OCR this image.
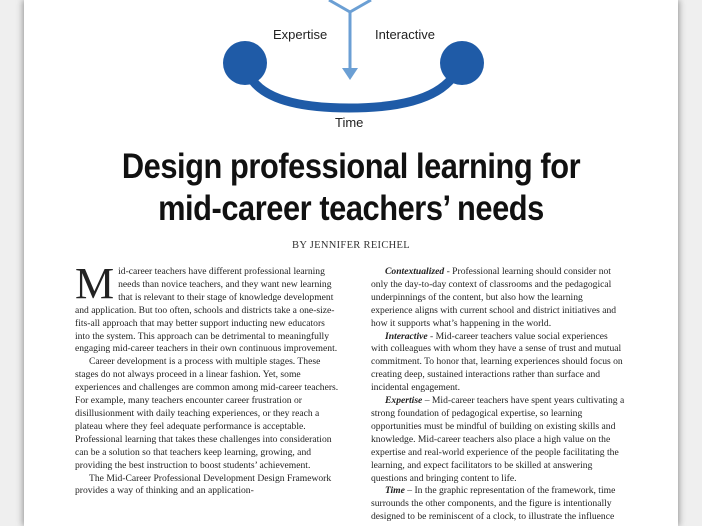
Expertise	Interactive
Time
Design professional learning for
mid-career teachers’ needs
BY JENNIFER REICHEL

Mid-career teachers have different professional learning needs than novice teachers, and they want new learning that is relevant to their stage of knowledge development and application. But too often, schools and districts take a one-size-fits-all approach that may better support inducting new educators into the system. This approach can be detrimental to meaningfully engaging mid-career teachers in their own continuous improvement.

Career development is a process with multiple stages. These stages do not always proceed in a linear fashion. Yet, some experiences and challenges are common among mid-career teachers. For example, many teachers encounter career frustration or disillusionment with daily teaching experiences, or they reach a plateau where they feel adequate performance is acceptable. Professional learning that takes these challenges into consideration can be a solution so that teachers keep learning, growing, and providing the best instruction to boost students’ achievement.

The Mid-Career Professional Development Design Framework provides a way of thinking and an application-

Contextualized - Professional learning should consider not only the day-to-day context of classrooms and the pedagogical underpinnings of the content, but also how the learning experience aligns with current school and district initiatives and how it supports what’s happening in the world.

Interactive - Mid-career teachers value social experiences with colleagues with whom they have a sense of trust and mutual commitment. To honor that, learning experiences should focus on creating deep, sustained interactions rather than surface and incidental engagement.

Expertise – Mid-career teachers have spent years cultivating a strong foundation of pedagogical expertise, so learning opportunities must be mindful of building on existing skills and knowledge. Mid-career teachers also place a high value on the expertise and real-world experience of the people facilitating the learning, and expect facilitators to be skilled at answering questions and bringing content to life.

Time – In the graphic representation of the framework, time surrounds the other components, and the figure is intentionally designed to be reminiscent of a clock, to illustrate the influence
